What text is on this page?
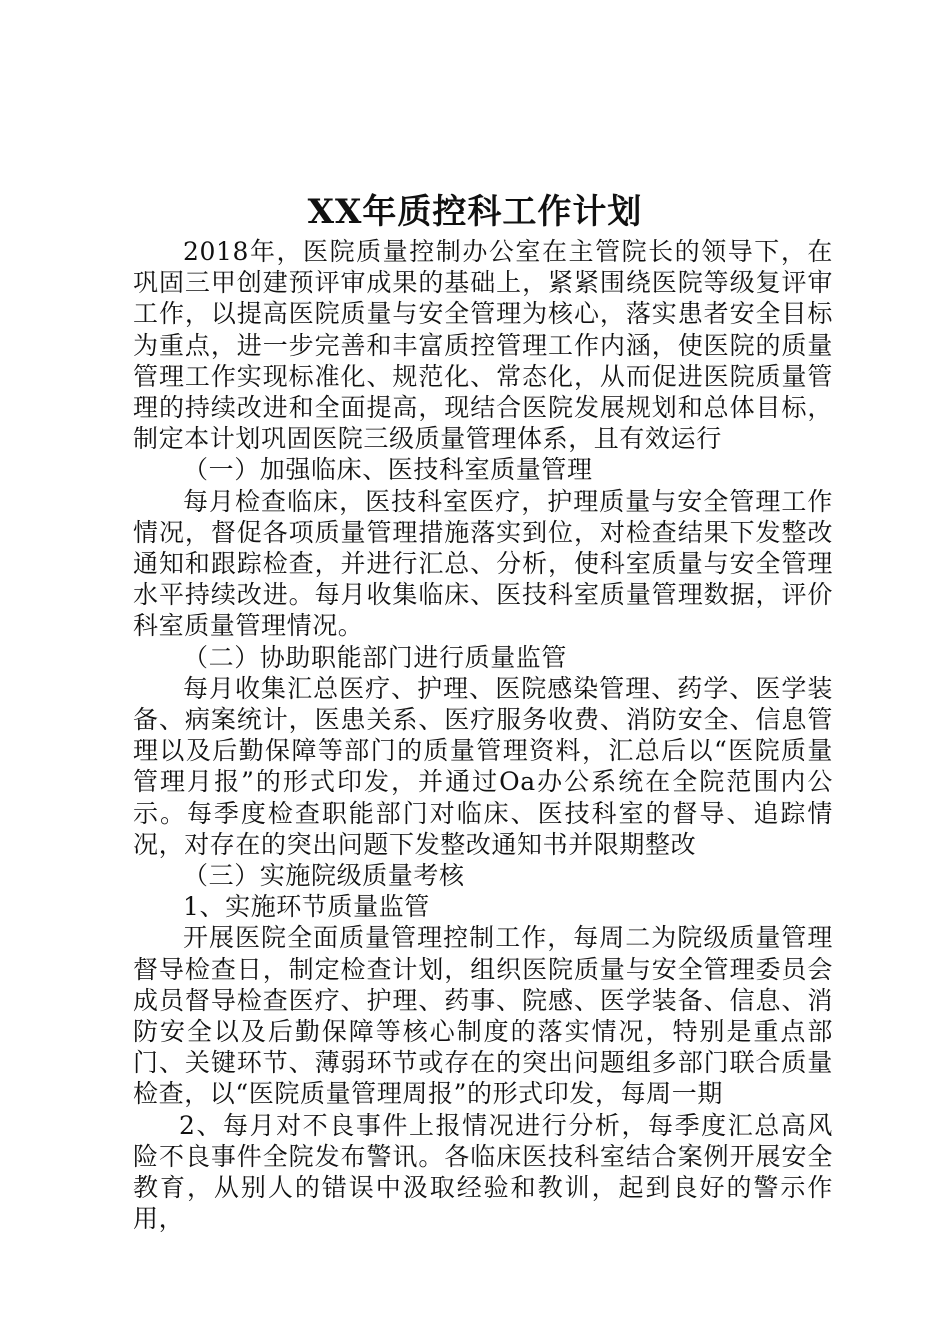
XX年质控科工作计划

2018年，医院质量控制办公室在主管院长的领导下，在巩固三甲创建预评审成果的基础上，紧紧围绕医院等级复评审工作，以提高医院质量与安全管理为核心，落实患者安全目标为重点，进一步完善和丰富质控管理工作内涵，使医院的质量管理工作实现标准化、规范化、常态化，从而促进医院质量管理的持续改进和全面提高，现结合医院发展规划和总体目标，制定本计划巩固医院三级质量管理体系，且有效运行

（一）加强临床、医技科室质量管理

每月检查临床，医技科室医疗，护理质量与安全管理工作情况，督促各项质量管理措施落实到位，对检查结果下发整改通知和跟踪检查，并进行汇总、分析，使科室质量与安全管理水平持续改进。每月收集临床、医技科室质量管理数据，评价科室质量管理情况。

（二）协助职能部门进行质量监管

每月收集汇总医疗、护理、医院感染管理、药学、医学装备、病案统计，医患关系、医疗服务收费、消防安全、信息管理以及后勤保障等部门的质量管理资料，汇总后以“医院质量管理月报”的形式印发，并通过Oa办公系统在全院范围内公示。每季度检查职能部门对临床、医技科室的督导、追踪情况，对存在的突出问题下发整改通知书并限期整改

（三）实施院级质量考核

1、实施环节质量监管

开展医院全面质量管理控制工作，每周二为院级质量管理督导检查日，制定检查计划，组织医院质量与安全管理委员会成员督导检查医疗、护理、药事、院感、医学装备、信息、消防安全以及后勤保障等核心制度的落实情况，特别是重点部门、关键环节、薄弱环节或存在的突出问题组多部门联合质量检查，以“医院质量管理周报”的形式印发，每周一期

2、每月对不良事件上报情况进行分析，每季度汇总高风险不良事件全院发布警讯。各临床医技科室结合案例开展安全教育，从别人的错误中汲取经验和教训，起到良好的警示作用，
